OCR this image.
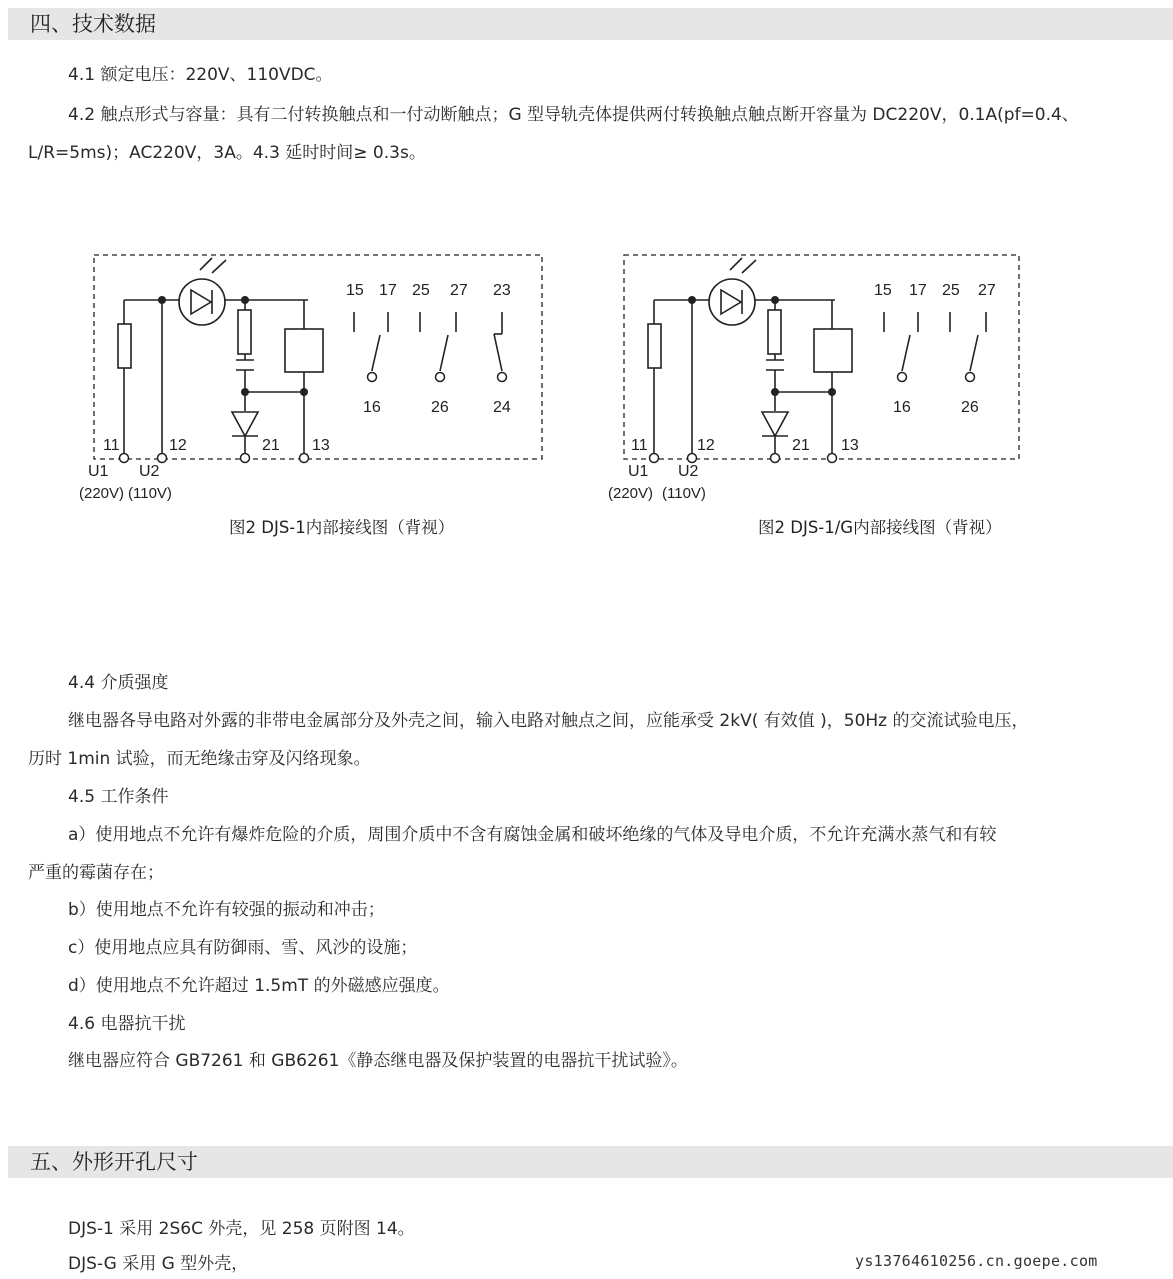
四、技术数据
4.1 额定电压：220V、110VDC。
4.2 触点形式与容量：具有二付转换触点和一付动断触点；G 型导轨壳体提供两付转换触点触点断开容量为 DC220V，0.1A(pf=0.4、
L/R=5ms)；AC220V，3A。4.3 延时时间≥ 0.3s。
15 17 25 27 23
16	26	24
11	12	21 13
U1 U2
(220V) (110V)
图2 DJS-1内部接线图（背视）
15 17 25 27
16	26
11	12	21 13
U1 U2
(220V) (110V)
图2 DJS-1/G内部接线图（背视）
4.4 介质强度
继电器各导电路对外露的非带电金属部分及外壳之间，输入电路对触点之间，应能承受 2kV( 有效值 )，50Hz 的交流试验电压，
历时 1min 试验，而无绝缘击穿及闪络现象。
4.5 工作条件
a）使用地点不允许有爆炸危险的介质，周围介质中不含有腐蚀金属和破坏绝缘的气体及导电介质，不允许充满水蒸气和有较
严重的霉菌存在；
b）使用地点不允许有较强的振动和冲击；
c）使用地点应具有防御雨、雪、风沙的设施；
d）使用地点不允许超过 1.5mT 的外磁感应强度。
4.6 电器抗干扰
继电器应符合 GB7261 和 GB6261《静态继电器及保护装置的电器抗干扰试验》。
五、外形开孔尺寸
DJS-1 采用 2S6C 外壳，见 258 页附图 14。
DJS-G 采用 G 型外壳，	ys13764610256.cn.goepe.com
